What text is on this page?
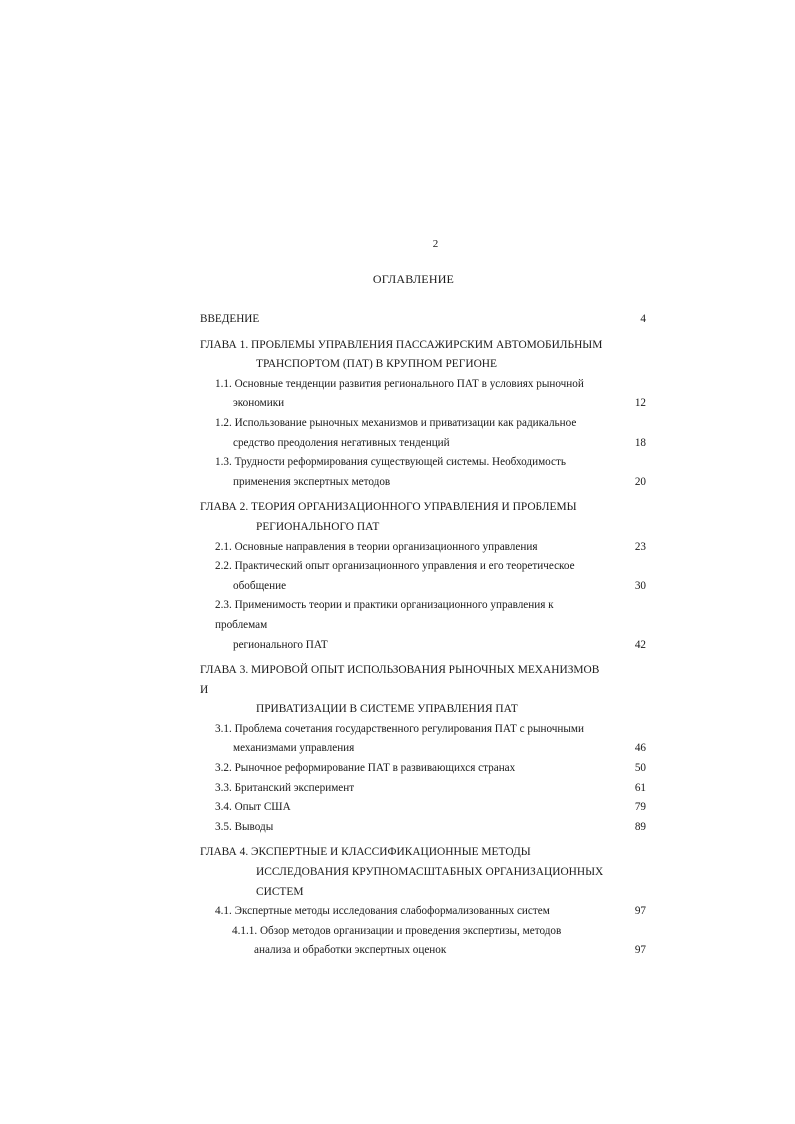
2
ОГЛАВЛЕНИЕ
ВВЕДЕНИЕ	4
ГЛАВА 1. ПРОБЛЕМЫ УПРАВЛЕНИЯ ПАССАЖИРСКИМ АВТОМОБИЛЬНЫМ
ТРАНСПОРТОМ (ПАТ) В КРУПНОМ РЕГИОНЕ
1.1. Основные тенденции развития регионального ПАТ в условиях рыночной
экономики	12
1.2. Использование рыночных механизмов и приватизации как радикальное
средство преодоления негативных тенденций	18
1.3. Трудности реформирования существующей системы. Необходимость
применения экспертных методов	20
ГЛАВА 2. ТЕОРИЯ ОРГАНИЗАЦИОННОГО УПРАВЛЕНИЯ И ПРОБЛЕМЫ
РЕГИОНАЛЬНОГО ПАТ
2.1. Основные направления в теории организационного управления	23
2.2. Практический опыт организационного управления и его теоретическое
обобщение	30
2.3. Применимость теории и практики организационного управления к проблемам
регионального ПАТ	42
ГЛАВА 3. МИРОВОЙ ОПЫТ ИСПОЛЬЗОВАНИЯ РЫНОЧНЫХ МЕХАНИЗМОВ И
ПРИВАТИЗАЦИИ В СИСТЕМЕ УПРАВЛЕНИЯ ПАТ
3.1. Проблема сочетания государственного регулирования ПАТ с рыночными
механизмами управления	46
3.2. Рыночное реформирование ПАТ в развивающихся странах	50
3.3. Британский эксперимент	61
3.4. Опыт США	79
3.5. Выводы	89
ГЛАВА 4. ЭКСПЕРТНЫЕ И КЛАССИФИКАЦИОННЫЕ МЕТОДЫ
ИССЛЕДОВАНИЯ КРУПНОМАСШТАБНЫХ ОРГАНИЗАЦИОННЫХ
СИСТЕМ
4.1. Экспертные методы исследования слабоформализованных систем	97
4.1.1. Обзор методов организации и проведения экспертизы, методов
анализа и обработки экспертных оценок	97
